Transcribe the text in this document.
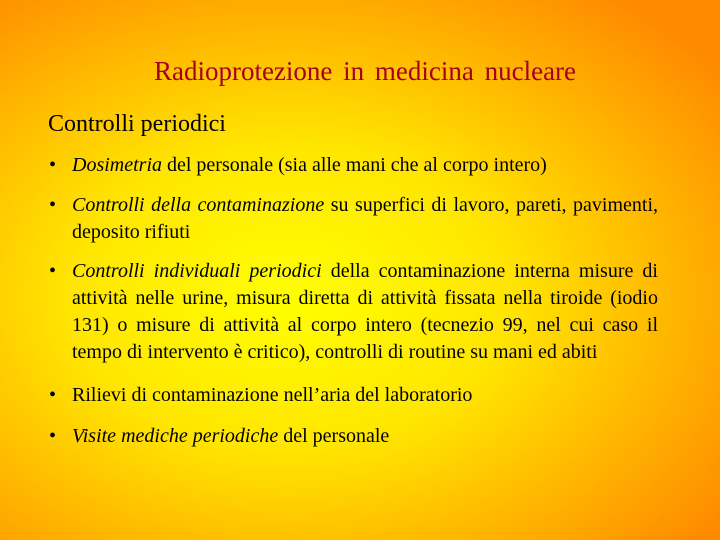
Radioprotezione in medicina nucleare

Controlli periodici

• Dosimetria del personale (sia alle mani che al corpo intero)
• Controlli della contaminazione su superfici di lavoro, pareti, pavimenti, deposito rifiuti
• Controlli individuali periodici della contaminazione interna misure di attività nelle urine, misura diretta di attività fissata nella tiroide (iodio 131) o misure di attività al corpo intero (tecnezio 99, nel cui caso il tempo di intervento è critico), controlli di routine su mani ed abiti
• Rilievi di contaminazione nell’aria del laboratorio
• Visite mediche periodiche del personale
